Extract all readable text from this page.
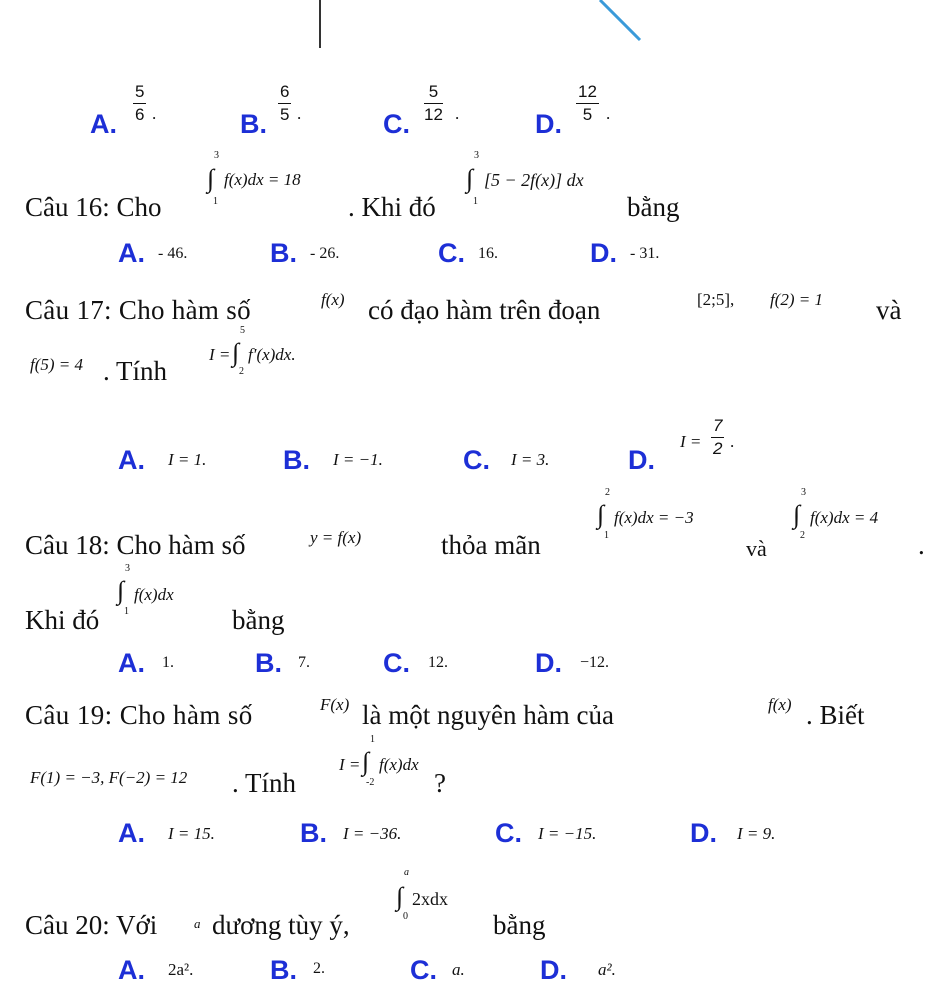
A. $\frac{5}{6}$ .	B. $\frac{6}{5}$ .	C. $\frac{5}{12}$ .	D. $\frac{12}{5}$ .
Câu 16: Cho
∫
3
1
f(x)dx = 18
. Khi đó
∫
3
1
[5 − 2f(x)] dx
bằng
A. - 46.	B. - 26.	C. 16.	D. - 31.
Câu 17: Cho hàm số	f(x) có đạo hàm trên đoạn	[2;5], f(2) = 1 và
f(5) = 4 . Tính
I = ∫
5
2
f′(x)dx.
A. I = 1.	B. I = −1.	C. I = 3.	D.
$I = \frac{7}{2}$ .
Câu 18: Cho hàm số	y = f(x)	thỏa mãn
∫
2
1
f(x)dx = −3
và
∫
3
2
f(x)dx = 4
.
Khi đó
∫
3
1
f(x)dx
bằng
A. 1.	B. 7.	C. 12.	D. −12.
Câu 19: Cho hàm số	F(x) là một nguyên hàm của	f(x) . Biết
F(1) = −3, F(−2) = 12 . Tính
I = ∫
1
-2
f(x)dx
?
A. I = 15.	B. I = −36.	C. I = −15.	D. I = 9.
Câu 20: Với	a dương tùy ý,
∫
a
0
2xdx
bằng
A. 2a².	B. 2.	C. a.	D. a².
